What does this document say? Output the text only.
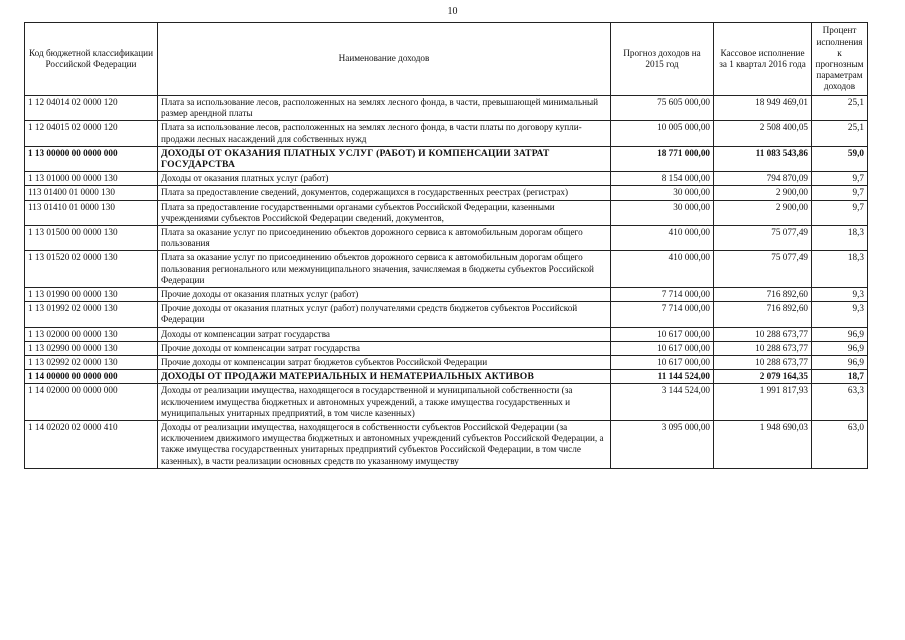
10
Код бюджетной классификации Российской Федерации	Наименование доходов	Прогноз доходов на 2015 год	Кассовое исполнение за 1 квартал 2016 года	Процент исполнения к прогнозным параметрам доходов
1 12 04014 02 0000 120	Плата за использование лесов, расположенных на землях лесного фонда, в части, превышающей минимальный размер арендной платы	75 605 000,00	18 949 469,01	25,1
1 12 04015 02 0000 120	Плата за использование лесов, расположенных на землях лесного фонда, в части платы по договору купли-продажи лесных насаждений для собственных нужд	10 005 000,00	2 508 400,05	25,1
1 13 00000 00 0000 000	ДОХОДЫ ОТ ОКАЗАНИЯ ПЛАТНЫХ УСЛУГ (РАБОТ) И КОМПЕНСАЦИИ ЗАТРАТ ГОСУДАРСТВА	18 771 000,00	11 083 543,86	59,0
1 13 01000 00 0000 130	Доходы от оказания платных услуг (работ)	8 154 000,00	794 870,09	9,7
113 01400 01 0000 130	Плата за предоставление сведений, документов, содержащихся в государственных реестрах (регистрах)	30 000,00	2 900,00	9,7
113 01410 01 0000 130	Плата за предоставление государственными органами субъектов Российской Федерации, казенными учреждениями субъектов Российской Федерации сведений, документов,	30 000,00	2 900,00	9,7
1 13 01500 00 0000 130	Плата за оказание услуг по присоединению объектов дорожного сервиса к автомобильным дорогам общего пользования	410 000,00	75 077,49	18,3
1 13 01520 02 0000 130	Плата за оказание услуг по присоединению объектов дорожного сервиса к автомобильным дорогам общего пользования регионального или межмуниципального значения, зачисляемая в бюджеты субъектов Российской Федерации	410 000,00	75 077,49	18,3
1 13 01990 00 0000 130	Прочие доходы от оказания платных услуг (работ)	7 714 000,00	716 892,60	9,3
1 13 01992 02 0000 130	Прочие доходы от оказания платных услуг (работ) получателями средств бюджетов субъектов Российской Федерации	7 714 000,00	716 892,60	9,3
1 13 02000 00 0000 130	Доходы от компенсации затрат государства	10 617 000,00	10 288 673,77	96,9
1 13 02990 00 0000 130	Прочие доходы от компенсации затрат государства	10 617 000,00	10 288 673,77	96,9
1 13 02992 02 0000 130	Прочие доходы от компенсации затрат бюджетов субъектов Российской Федерации	10 617 000,00	10 288 673,77	96,9
1 14 00000 00 0000 000	ДОХОДЫ ОТ ПРОДАЖИ МАТЕРИАЛЬНЫХ И НЕМАТЕРИАЛЬНЫХ АКТИВОВ	11 144 524,00	2 079 164,35	18,7
1 14 02000 00 0000 000	Доходы от реализации имущества, находящегося в государственной и муниципальной собственности (за исключением имущества бюджетных и автономных учреждений, а также имущества государственных и муниципальных унитарных предприятий, в том числе казенных)	3 144 524,00	1 991 817,93	63,3
1 14 02020 02 0000 410	Доходы от реализации имущества, находящегося в собственности субъектов Российской Федерации (за исключением движимого имущества бюджетных и автономных учреждений субъектов Российской Федерации, а также имущества государственных унитарных предприятий субъектов Российской Федерации, в том числе казенных), в части реализации основных средств по указанному имуществу	3 095 000,00	1 948 690,03	63,0
